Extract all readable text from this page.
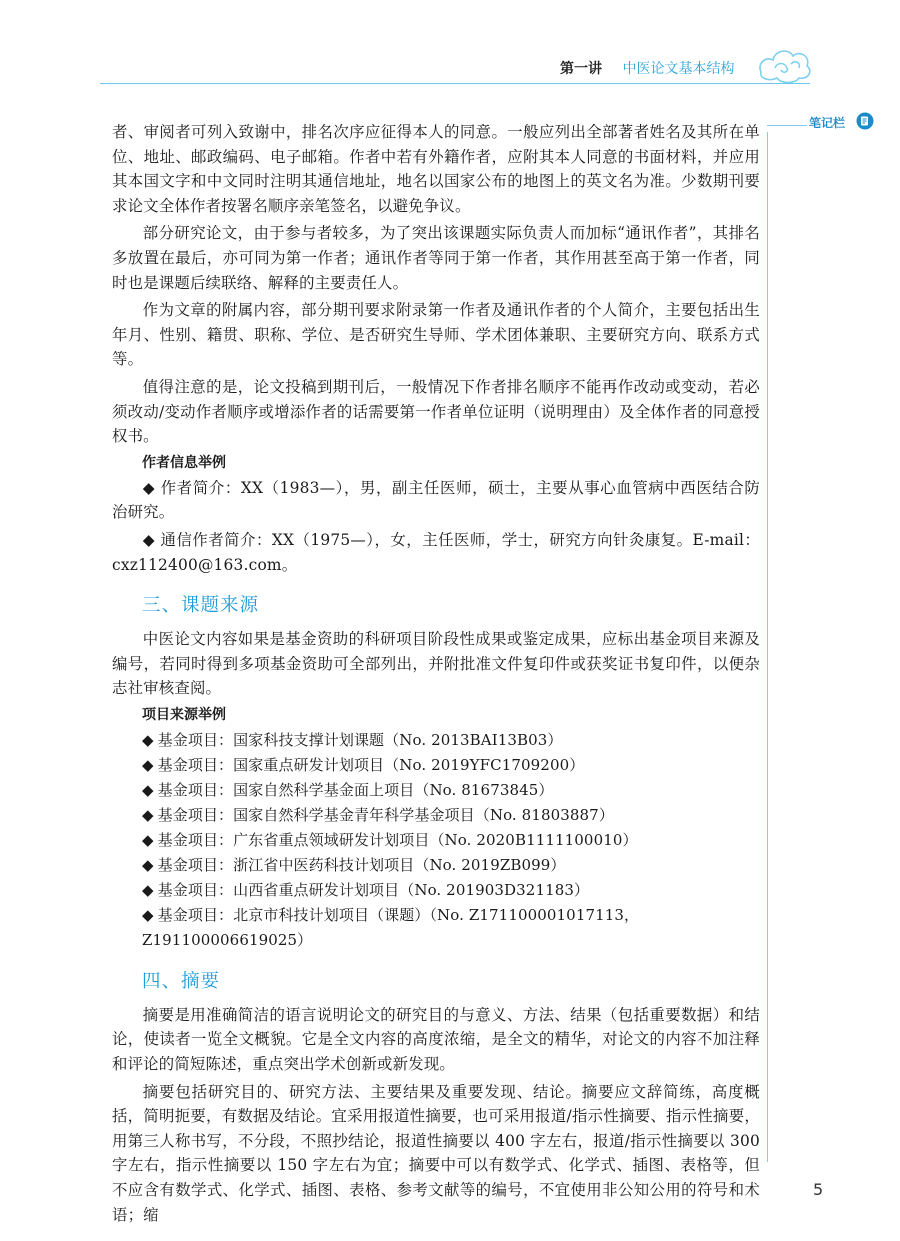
第一讲 中医论文基本结构
笔记栏

者、审阅者可列入致谢中，排名次序应征得本人的同意。一般应列出全部著者姓名及其所在单位、地址、邮政编码、电子邮箱。作者中若有外籍作者，应附其本人同意的书面材料，并应用其本国文字和中文同时注明其通信地址，地名以国家公布的地图上的英文名为准。少数期刊要求论文全体作者按署名顺序亲笔签名，以避免争议。

部分研究论文，由于参与者较多，为了突出该课题实际负责人而加标“通讯作者”，其排名多放置在最后，亦可同为第一作者；通讯作者等同于第一作者，其作用甚至高于第一作者，同时也是课题后续联络、解释的主要责任人。

作为文章的附属内容，部分期刊要求附录第一作者及通讯作者的个人简介，主要包括出生年月、性别、籍贯、职称、学位、是否研究生导师、学术团体兼职、主要研究方向、联系方式等。

值得注意的是，论文投稿到期刊后，一般情况下作者排名顺序不能再作改动或变动，若必须改动/变动作者顺序或增添作者的话需要第一作者单位证明（说明理由）及全体作者的同意授权书。

作者信息举例

◆ 作者简介：XX（1983—），男，副主任医师，硕士，主要从事心血管病中西医结合防治研究。

◆ 通信作者简介：XX（1975—），女，主任医师，学士，研究方向针灸康复。E-mail：cxz112400@163.com。

三、课题来源

中医论文内容如果是基金资助的科研项目阶段性成果或鉴定成果，应标出基金项目来源及编号，若同时得到多项基金资助可全部列出，并附批准文件复印件或获奖证书复印件，以便杂志社审核查阅。

项目来源举例
◆ 基金项目：国家科技支撑计划课题（No. 2013BAI13B03）
◆ 基金项目：国家重点研发计划项目（No. 2019YFC1709200）
◆ 基金项目：国家自然科学基金面上项目（No. 81673845）
◆ 基金项目：国家自然科学基金青年科学基金项目（No. 81803887）
◆ 基金项目：广东省重点领域研发计划项目（No. 2020B1111100010）
◆ 基金项目：浙江省中医药科技计划项目（No. 2019ZB099）
◆ 基金项目：山西省重点研发计划项目（No. 201903D321183）
◆ 基金项目：北京市科技计划项目（课题）（No. Z171100001017113，Z191100006619025）
四、摘要

摘要是用准确简洁的语言说明论文的研究目的与意义、方法、结果（包括重要数据）和结论，使读者一览全文概貌。它是全文内容的高度浓缩，是全文的精华，对论文的内容不加注释和评论的简短陈述，重点突出学术创新或新发现。

摘要包括研究目的、研究方法、主要结果及重要发现、结论。摘要应文辞简练，高度概括，简明扼要，有数据及结论。宜采用报道性摘要，也可采用报道/指示性摘要、指示性摘要，用第三人称书写，不分段，不照抄结论，报道性摘要以 400 字左右，报道/指示性摘要以 300 字左右，指示性摘要以 150 字左右为宜；摘要中可以有数学式、化学式、插图、表格等，但不应含有数学式、化学式、插图、表格、参考文献等的编号，不宜使用非公知公用的符号和术语；缩

5
